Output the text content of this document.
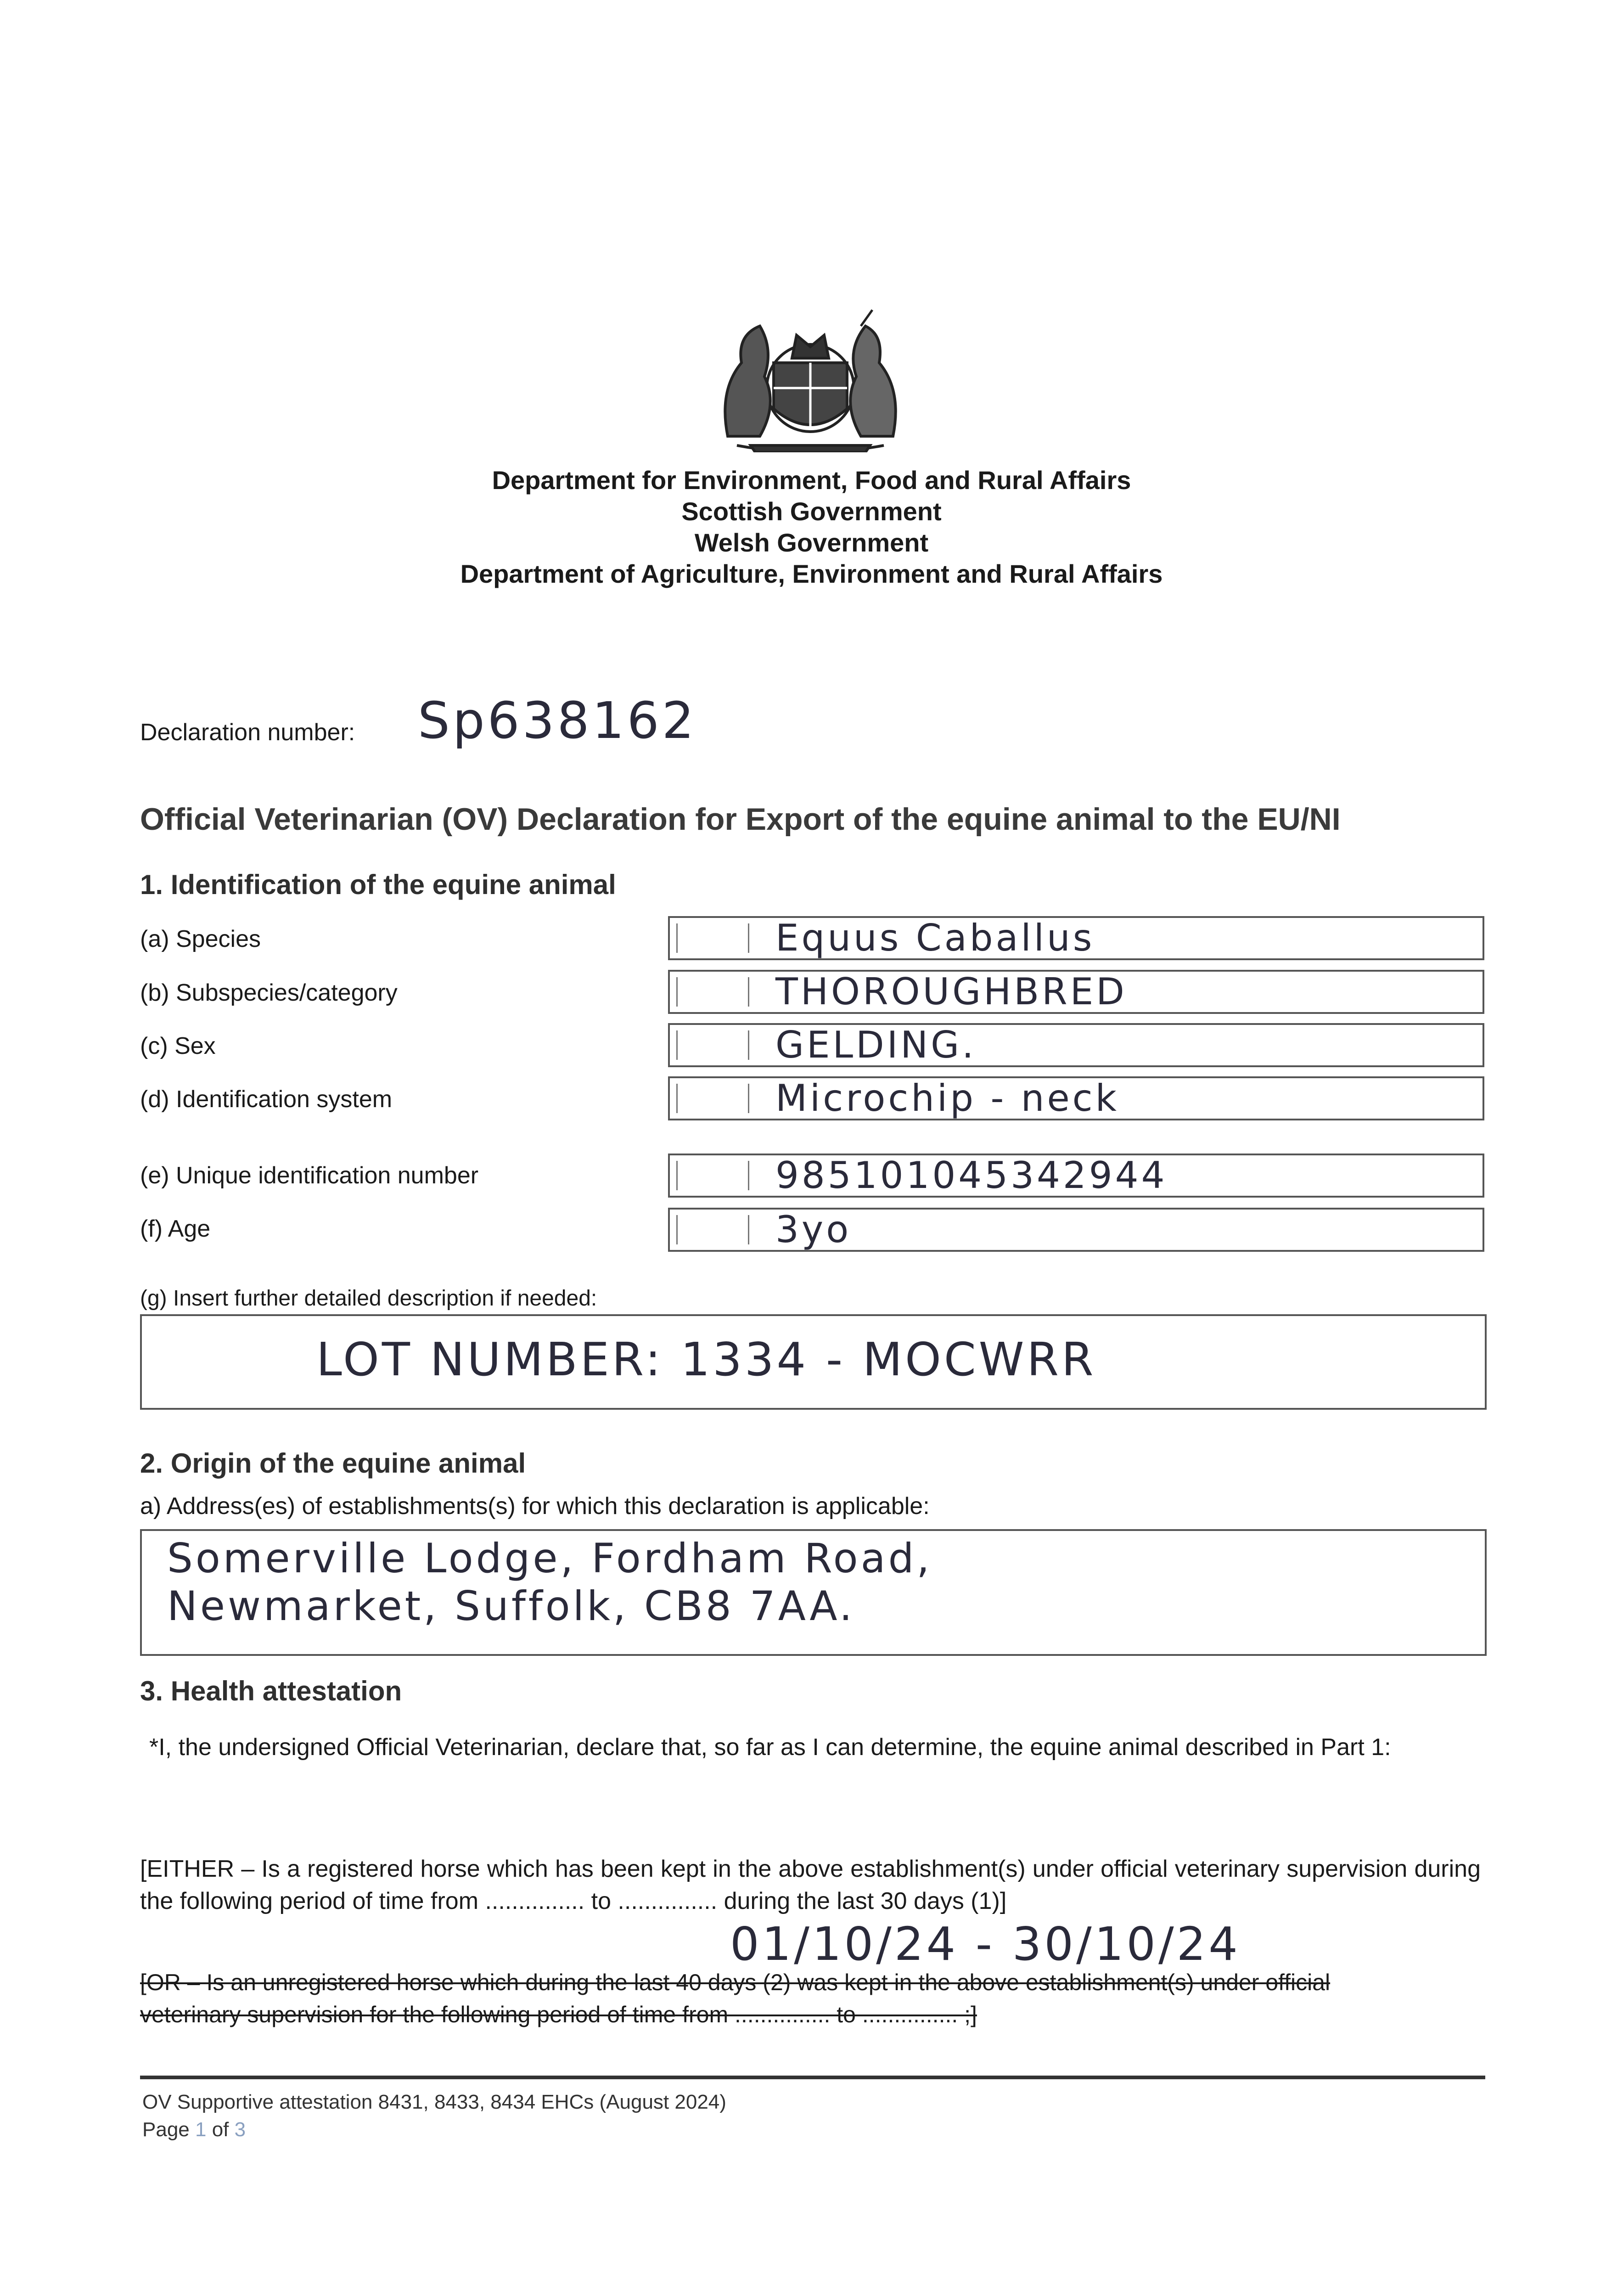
Department for Environment, Food and Rural Affairs
Scottish Government
Welsh Government
Department of Agriculture, Environment and Rural Affairs
Declaration number: Sp638162
Official Veterinarian (OV) Declaration for Export of the equine animal to the EU/NI
1. Identification of the equine animal
(a) Species	Equus Caballus
(b) Subspecies/category	THOROUGHBRED
(c) Sex	GELDING.
(d) Identification system	Microchip - neck
(e) Unique identification number	985101045342944
(f) Age	3yo
(g) Insert further detailed description if needed:
LOT NUMBER: 1334 - MOCWRR
2. Origin of the equine animal
a) Address(es) of establishments(s) for which this declaration is applicable:
Somerville Lodge, Fordham Road,
Newmarket, Suffolk, CB8 7AA.
3. Health attestation
*I, the undersigned Official Veterinarian, declare that, so far as I can determine, the equine animal described in Part 1:
[EITHER – Is a registered horse which has been kept in the above establishment(s) under official veterinary supervision during the following period of time from ............... to ............... during the last 30 days (1)]
01/10/24 - 30/10/24
[OR – Is an unregistered horse which during the last 40 days (2) was kept in the above establishment(s) under official
veterinary supervision for the following period of time from ............... to ............... ;]
OV Supportive attestation 8431, 8433, 8434 EHCs (August 2024)
Page 1 of 3
